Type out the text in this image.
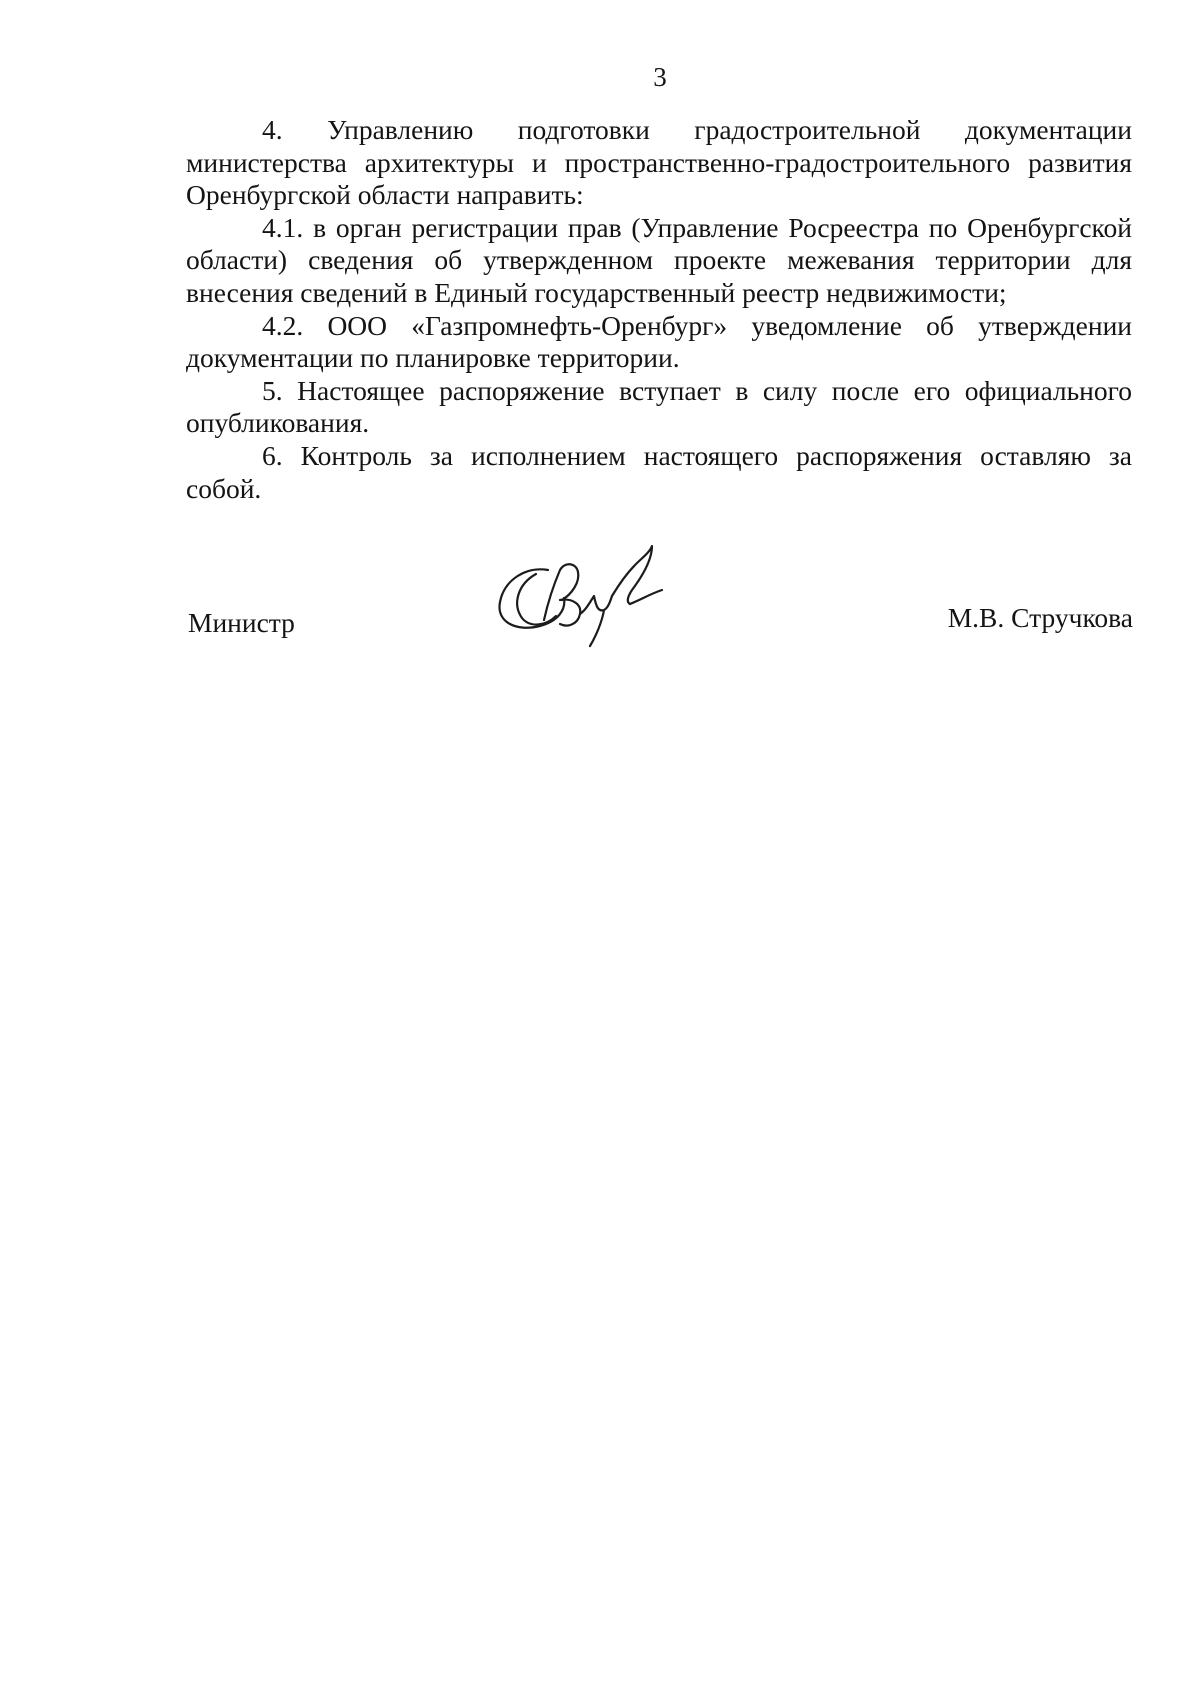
3

4. Управлению подготовки градостроительной документации министерства архитектуры и пространственно-градостроительного развития Оренбургской области направить:

4.1. в орган регистрации прав (Управление Росреестра по Оренбургской области) сведения об утвержденном проекте межевания территории для внесения сведений в Единый государственный реестр недвижимости;

4.2. ООО «Газпромнефть-Оренбург» уведомление об утверждении документации по планировке территории.

5. Настоящее распоряжение вступает в силу после его официального опубликования.

6. Контроль за исполнением настоящего распоряжения оставляю за собой.

Министр	М.В. Стручкова
